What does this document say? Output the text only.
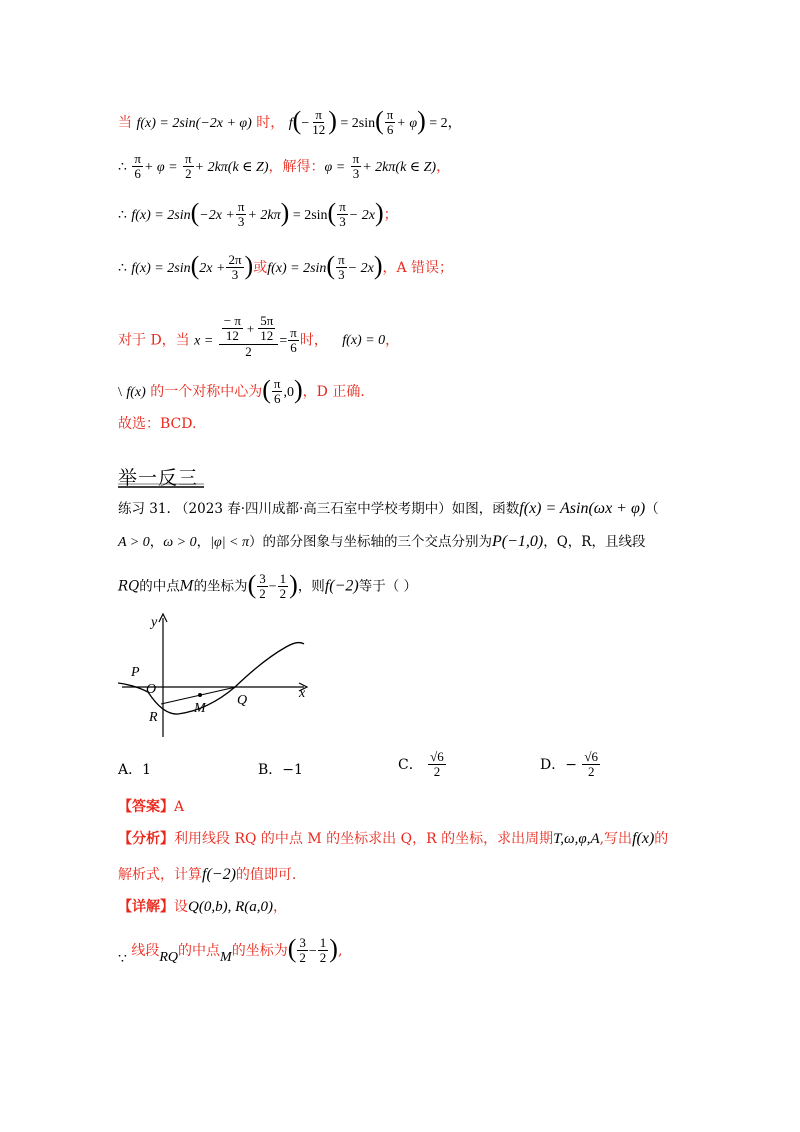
当 f(x) = 2sin(−2x + φ) 时， $f(- \frac{\pi}{12}$ ) = $2\sin( \frac{\pi}{6} + \varphi) = 2$，
∴ $\frac{\pi}{6} + \varphi = \frac{\pi}{2} + 2k\pi(k$ ∈ Z)，解得：$\varphi = \frac{\pi}{3} + 2k\pi(k$ ∈ Z)，
∴ $f(x) = 2\sin(-2x + \frac{\pi}{3} + 2k\pi) = 2\sin( \frac{\pi}{3} - 2x)$；
∴ $f(x) = 2\sin(2x + \frac{2\pi}{3}$ )或$f(x) = 2\sin( \frac{\pi}{3} - 2x)$，A 错误；
对于 D，当 $x = \frac{\frac{- \pi}{12} + \frac{5\pi}{12}}{2} = \frac{\pi}{6}$ 时， f(x) = 0，
\ f(x) 的一个对称中心为( $\frac{\pi}{6} ,0$)，D 正确.
故选：BCD.
举一反三
练习 31. （2023 春·四川成都·高三石室中学校考期中）如图，函数f(x) = Asin(ωx + φ)（
A > 0，ω > 0，|φ| < π）的部分图象与坐标轴的三个交点分别为P(−1,0)，Q，R，且线段
RQ的中点M的坐标为( $\frac{3}{2} - \frac{1}{2}$ )，则f(−2)等于（ ）
y
P
O
Q
R
M
x
A．1	B．−1	C． $\frac{√6}{2}$	D．− $\frac{√6}{2}$
【答案】A
【分析】利用线段 RQ 的中点 M 的坐标求出 Q，R 的坐标，求出周期T,ω,φ,A,写出f(x)的
解析式，计算f(−2)的值即可.
【详解】设Q(0,b), R(a,0)，
∵ 线段RQ的中点M的坐标为( $\frac{3}{2} - \frac{1}{2}$ ),
